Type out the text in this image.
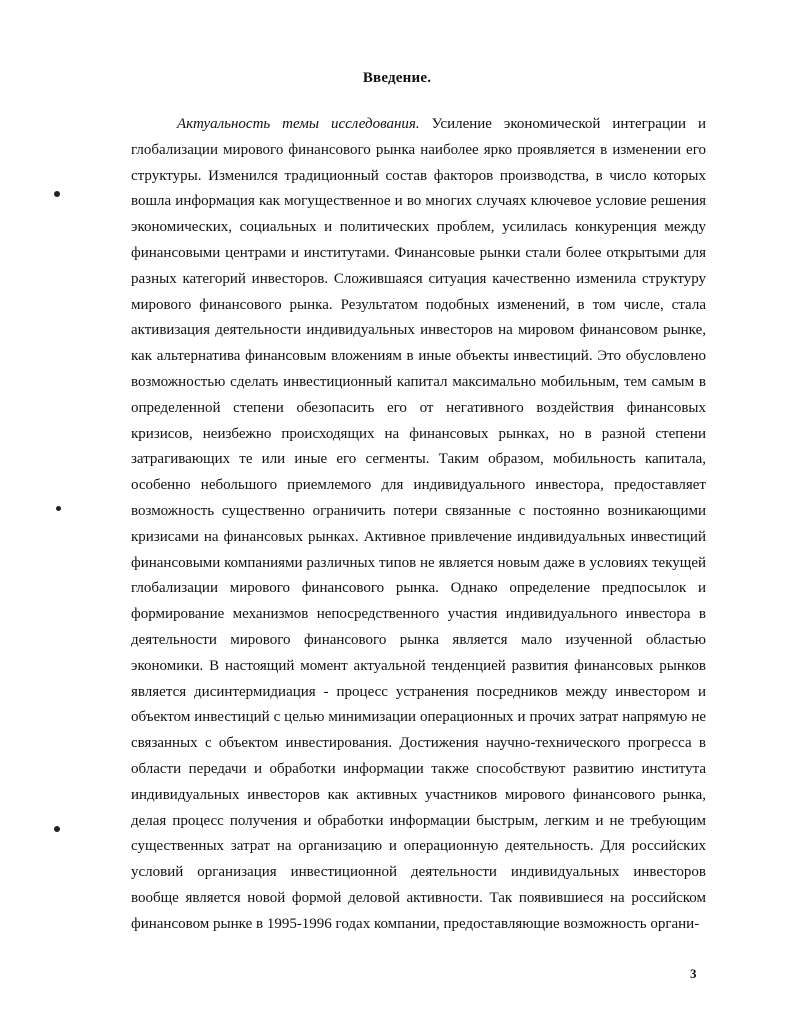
Введение.

Актуальность темы исследования. Усиление экономической интеграции и глобализации мирового финансового рынка наиболее ярко проявляется в изменении его структуры. Изменился традиционный состав факторов производства, в число которых вошла информация как могущественное и во многих случаях ключевое условие решения экономических, социальных и политических проблем, усилилась конкуренция между финансовыми центрами и институтами. Финансовые рынки стали более открытыми для разных категорий инвесторов. Сложившаяся ситуация качественно изменила структуру мирового финансового рынка. Результатом подобных изменений, в том числе, стала активизация деятельности индивидуальных инвесторов на мировом финансовом рынке, как альтернатива финансовым вложениям в иные объекты инвестиций. Это обусловлено возможностью сделать инвестиционный капитал максимально мобильным, тем самым в определенной степени обезопасить его от негативного воздействия финансовых кризисов, неизбежно происходящих на финансовых рынках, но в разной степени затрагивающих те или иные его сегменты. Таким образом, мобильность капитала, особенно небольшого приемлемого для индивидуального инвестора, предоставляет возможность существенно ограничить потери связанные с постоянно возникающими кризисами на финансовых рынках. Активное привлечение индивидуальных инвестиций финансовыми компаниями различных типов не является новым даже в условиях текущей глобализации мирового финансового рынка. Однако определение предпосылок и формирование механизмов непосредственного участия индивидуального инвестора в деятельности мирового финансового рынка является мало изученной областью экономики. В настоящий момент актуальной тенденцией развития финансовых рынков является дисинтермидиация - процесс устранения посредников между инвестором и объектом инвестиций с целью минимизации операционных и прочих затрат напрямую не связанных с объектом инвестирования. Достижения научно-технического прогресса в области передачи и обработки информации также способствуют развитию института индивидуальных инвесторов как активных участников мирового финансового рынка, делая процесс получения и обработки информации быстрым, легким и не требующим существенных затрат на организацию и операционную деятельность. Для российских условий организация инвестиционной деятельности индивидуальных инвесторов вообще является новой формой деловой активности. Так появившиеся на российском финансовом рынке в 1995-1996 годах компании, предоставляющие возможность органи-

3
